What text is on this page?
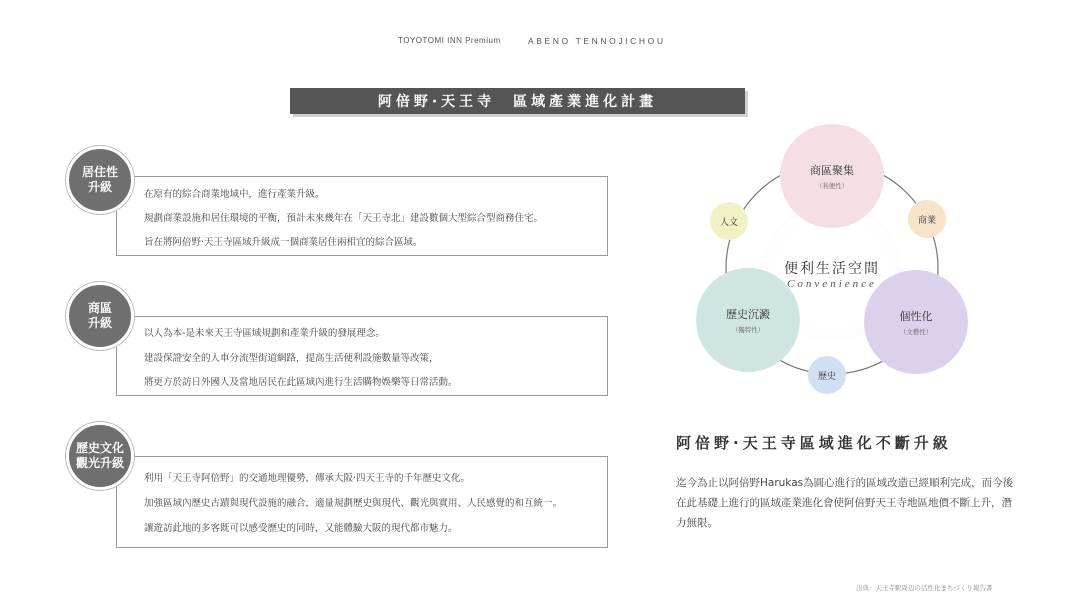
TOYOTOMI INN Premium	ABENO TENNOJICHOU
阿倍野·天王寺　區域產業進化計畫
居住性
升級
在原有的綜合商業地域中，進行產業升級。
規劃商業設施和居住環境的平衡，預計未來幾年在「天王寺北」建設數個大型綜合型商務住宅。
旨在將阿倍野·天王寺區域升級成一個商業居住兩相宜的綜合區域。
商區
升級
以人為本-是未來天王寺區域規劃和產業升級的發展理念。
建設保證安全的人車分流型街道網路，提高生活便利設施數量等改策，
將更方於訪日外國人及當地居民在此區域內進行生活購物娛樂等日常活動。
歷史文化
觀光升級
利用「天王寺阿倍野」的交通地理優勢，傳承大阪·四天王寺的千年歷史文化。
加強區域內歷史古蹟與現代設施的融合，適量規劃歷史與現代、觀光與實用、人民感覺的和互統一。
讓遊訪此地的多客既可以感受歷史的同時，又能體驗大阪的現代都市魅力。
商區聚集
（利便性）
個性化
（文藝性）
歷史沉澱
（獨特性）
人文	商業
歷史
便利生活空間
Convenience
阿倍野·天王寺區域進化不斷升級
迄今為止以阿倍野Harukas為圓心進行的區域改造已經順利完成，而今後在此基礎上進行的區域產業進化會使阿倍野天王寺地區地價不斷上升，潛力無限。
出典：天王寺駅周辺の活性化まちづくり報告書
